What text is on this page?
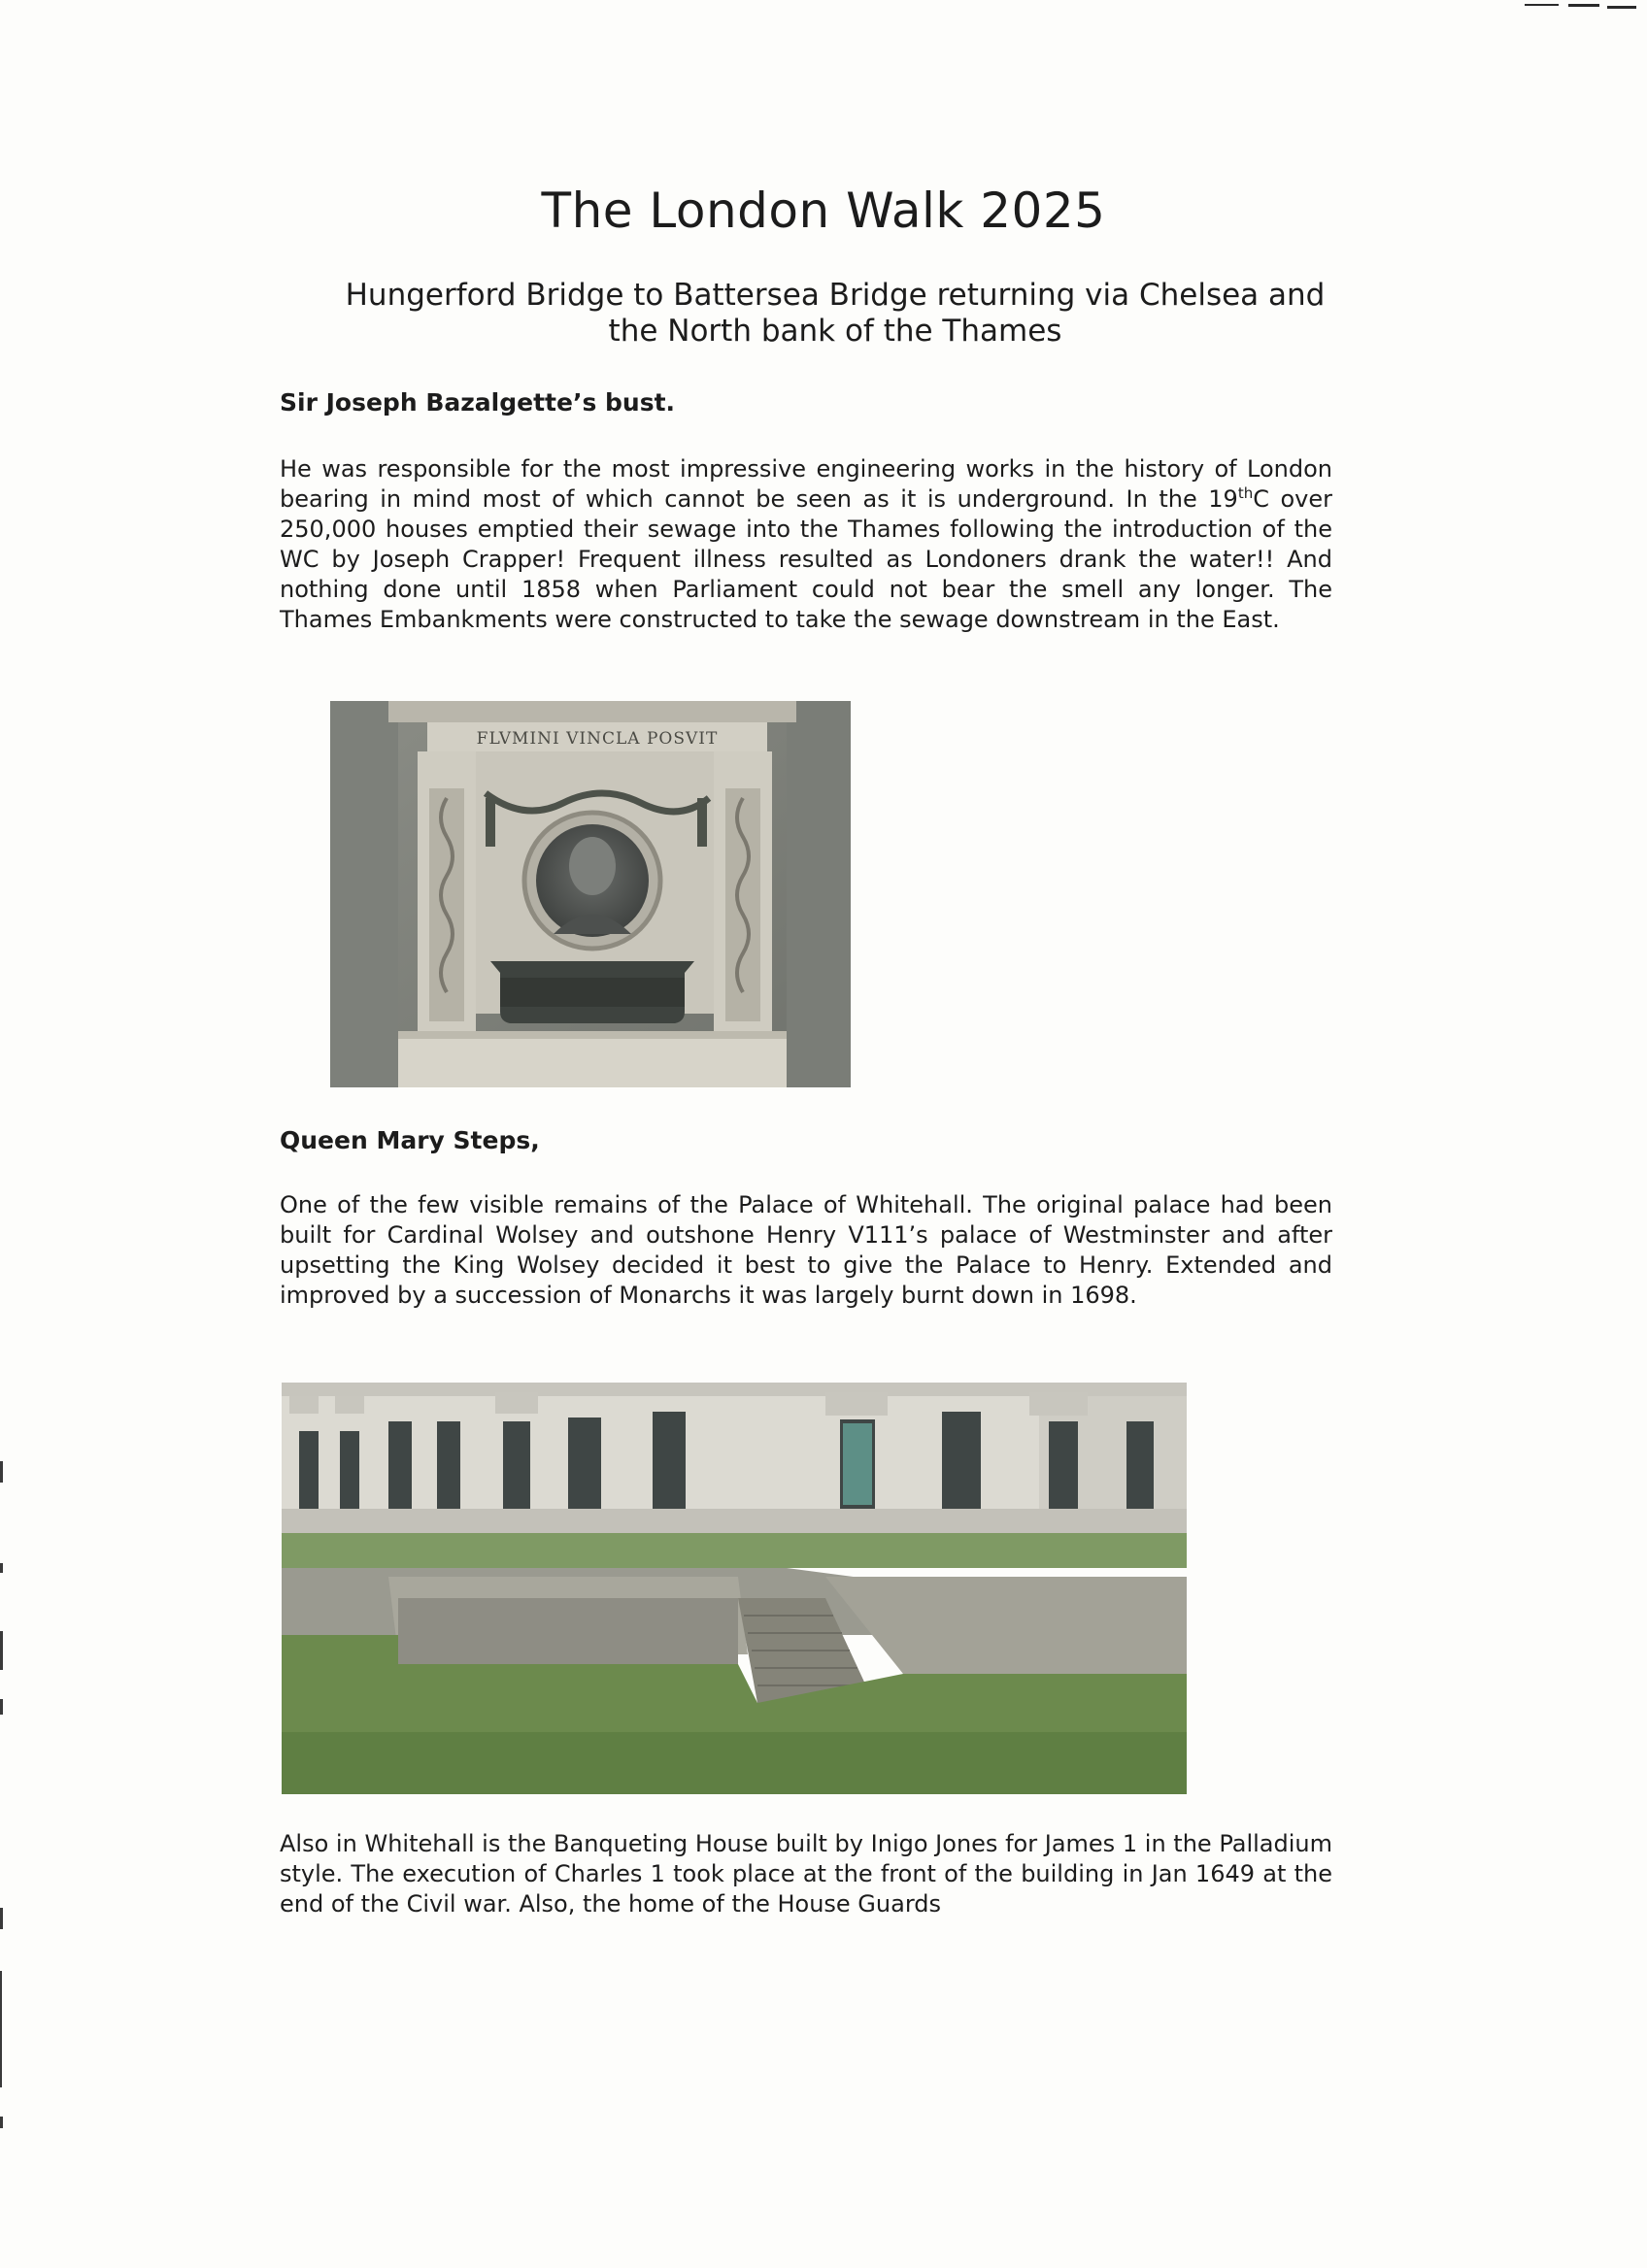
The London Walk 2025

Hungerford Bridge to Battersea Bridge returning via Chelsea and the North bank of the Thames

Sir Joseph Bazalgette’s bust.

He was responsible for the most impressive engineering works in the history of London bearing in mind most of which cannot be seen as it is underground. In the 19thC over 250,000 houses emptied their sewage into the Thames following the introduction of the WC by Joseph Crapper! Frequent illness resulted as Londoners drank the water!! And nothing done until 1858 when Parliament could not bear the smell any longer. The Thames Embankments were constructed to take the sewage downstream in the East.

FLVMINI VINCLA POSVIT
Queen Mary Steps,

One of the few visible remains of the Palace of Whitehall. The original palace had been built for Cardinal Wolsey and outshone Henry V111’s palace of Westminster and after upsetting the King Wolsey decided it best to give the Palace to Henry. Extended and improved by a succession of Monarchs it was largely burnt down in 1698.

Also in Whitehall is the Banqueting House built by Inigo Jones for James 1 in the Palladium style. The execution of Charles 1 took place at the front of the building in Jan 1649 at the end of the Civil war. Also, the home of the House Guards
